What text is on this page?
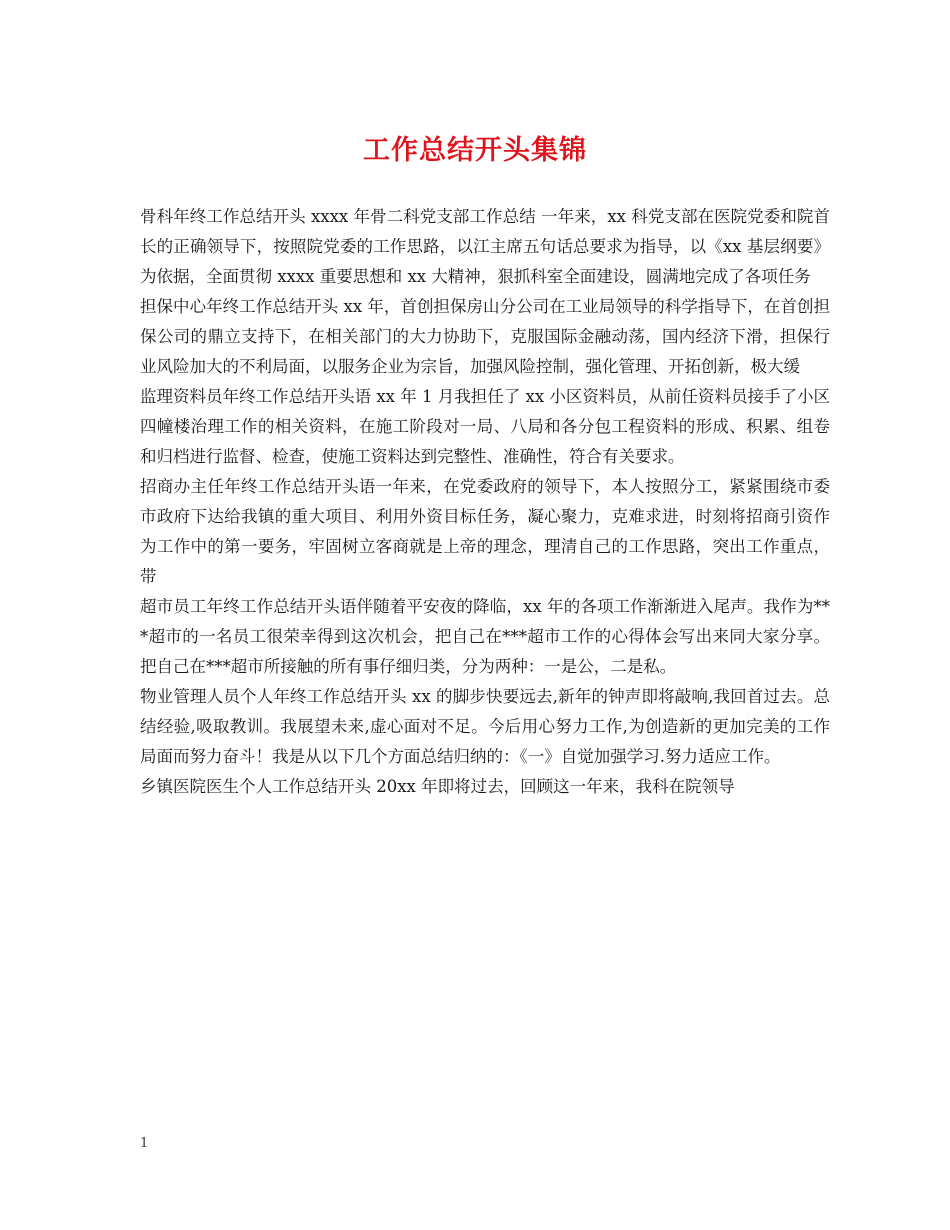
工作总结开头集锦

骨科年终工作总结开头 xxxx 年骨二科党支部工作总结 一年来，xx 科党支部在医院党委和院首长的正确领导下，按照院党委的工作思路，以江主席五句话总要求为指导，以《xx 基层纲要》为依据，全面贯彻 xxxx 重要思想和 xx 大精神，狠抓科室全面建设，圆满地完成了各项任务

担保中心年终工作总结开头 xx 年，首创担保房山分公司在工业局领导的科学指导下，在首创担保公司的鼎立支持下，在相关部门的大力协助下，克服国际金融动荡，国内经济下滑，担保行业风险加大的不利局面，以服务企业为宗旨，加强风险控制，强化管理、开拓创新，极大缓

监理资料员年终工作总结开头语 xx 年 1 月我担任了 xx 小区资料员，从前任资料员接手了小区四幢楼治理工作的相关资料，在施工阶段对一局、八局和各分包工程资料的形成、积累、组卷和归档进行监督、检查，使施工资料达到完整性、准确性，符合有关要求。

招商办主任年终工作总结开头语一年来，在党委政府的领导下，本人按照分工，紧紧围绕市委市政府下达给我镇的重大项目、利用外资目标任务，凝心聚力，克难求进，时刻将招商引资作为工作中的第一要务，牢固树立客商就是上帝的理念，理清自己的工作思路，突出工作重点，带

超市员工年终工作总结开头语伴随着平安夜的降临，xx 年的各项工作渐渐进入尾声。我作为***超市的一名员工很荣幸得到这次机会，把自己在***超市工作的心得体会写出来同大家分享。把自己在***超市所接触的所有事仔细归类，分为两种：一是公，二是私。

物业管理人员个人年终工作总结开头 xx 的脚步快要远去,新年的钟声即将敲响,我回首过去。总结经验,吸取教训。我展望未来,虚心面对不足。今后用心努力工作,为创造新的更加完美的工作局面而努力奋斗！我是从以下几个方面总结归纳的：《一》自觉加强学习.努力适应工作。

乡镇医院医生个人工作总结开头 20xx 年即将过去，回顾这一年来，我科在院领导

1
